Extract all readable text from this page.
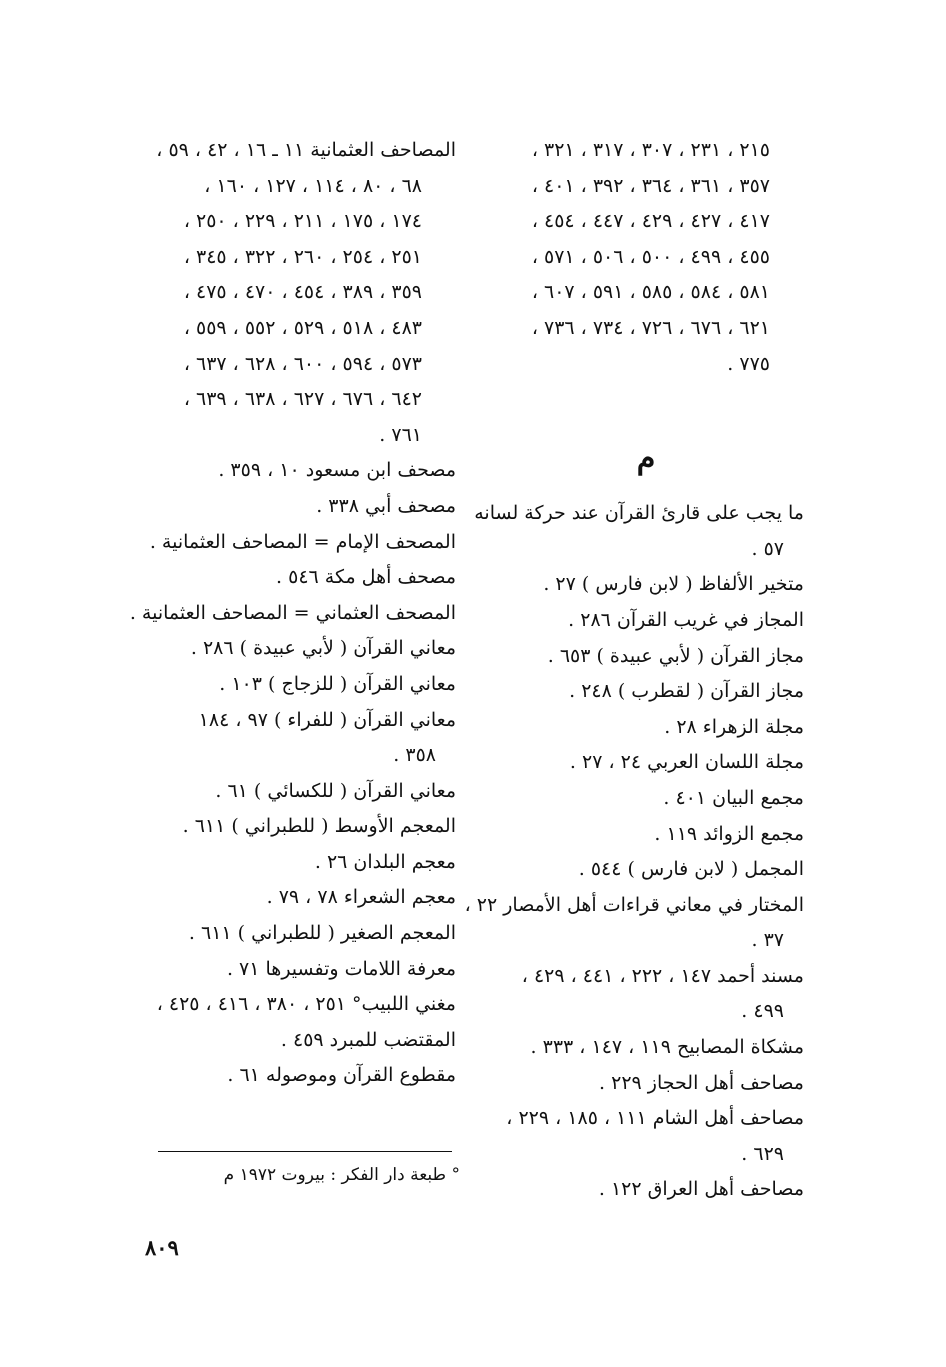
المصاحف العثمانية ١١ ـ ١٦ ، ٤٢ ، ٥٩ ،
٦٨ ، ٨٠ ، ١١٤ ، ١٢٧ ، ١٦٠ ،
١٧٤ ، ١٧٥ ، ٢١١ ، ٢٢٩ ، ٢٥٠ ،
٢٥١ ، ٢٥٤ ، ٢٦٠ ، ٣٢٢ ، ٣٤٥ ،
٣٥٩ ، ٣٨٩ ، ٤٥٤ ، ٤٧٠ ، ٤٧٥ ،
٤٨٣ ، ٥١٨ ، ٥٢٩ ، ٥٥٢ ، ٥٥٩ ،
٥٧٣ ، ٥٩٤ ، ٦٠٠ ، ٦٢٨ ، ٦٣٧ ،
٦٤٢ ، ٦٧٦ ، ٦٢٧ ، ٦٣٨ ، ٦٣٩ ،
٧٦١ .
مصحف ابن مسعود ١٠ ، ٣٥٩ .
مصحف أبي ٣٣٨ .
المصحف الإمام = المصاحف العثمانية .
مصحف أهل مكة ٥٤٦ .
المصحف العثماني = المصاحف العثمانية .
معاني القرآن ( لأبي عبيدة ) ٢٨٦ .
معاني القرآن ( للزجاج ) ١٠٣ .
معاني القرآن ( للفراء ) ٩٧ ، ١٨٤
٣٥٨ .
معاني القرآن ( للكسائي ) ٦١ .
المعجم الأوسط ( للطبراني ) ٦١١ .
معجم البلدان ٢٦ .
معجم الشعراء ٧٨ ، ٧٩ .
المعجم الصغير ( للطبراني ) ٦١١ .
معرفة اللامات وتفسيرها ٧١ .
مغني اللبيب° ٢٥١ ، ٣٨٠ ، ٤١٦ ، ٤٢٥ ،
المقتضب للمبرد ٤٥٩ .
مقطوع القرآن وموصوله ٦١ .
٢١٥ ، ٢٣١ ، ٣٠٧ ، ٣١٧ ، ٣٢١ ،
٣٥٧ ، ٣٦١ ، ٣٦٤ ، ٣٩٢ ، ٤٠١ ،
٤١٧ ، ٤٢٧ ، ٤٢٩ ، ٤٤٧ ، ٤٥٤ ،
٤٥٥ ، ٤٩٩ ، ٥٠٠ ، ٥٠٦ ، ٥٧١ ،
٥٨١ ، ٥٨٤ ، ٥٨٥ ، ٥٩١ ، ٦٠٧ ،
٦٢١ ، ٦٧٦ ، ٧٢٦ ، ٧٣٤ ، ٧٣٦ ،
٧٧٥ .
م
ما يجب على قارئ القرآن عند حركة لسانه
٥٧ .
متخير الألفاظ ( لابن فارس ) ٢٧ .
المجاز في غريب القرآن ٢٨٦ .
مجاز القرآن ( لأبي عبيدة ) ٦٥٣ .
مجاز القرآن ( لقطرب ) ٢٤٨ .
مجلة الزهراء ٢٨ .
مجلة اللسان العربي ٢٤ ، ٢٧ .
مجمع البيان ٤٠١ .
مجمع الزوائد ١١٩ .
المجمل ( لابن فارس ) ٥٤٤ .
المختار في معاني قراءات أهل الأمصار ٢٢ ،
٣٧ .
مسند أحمد ١٤٧ ، ٢٢٢ ، ٤٤١ ، ٤٢٩ ،
٤٩٩ .
مشكاة المصابيح ١١٩ ، ١٤٧ ، ٣٣٣ .
مصاحف أهل الحجاز ٢٢٩ .
مصاحف أهل الشام ١١١ ، ١٨٥ ، ٢٢٩ ،
٦٢٩ .
مصاحف أهل العراق ١٢٢ .
° طبعة دار الفكر : بيروت ١٩٧٢ م
٨٠٩
